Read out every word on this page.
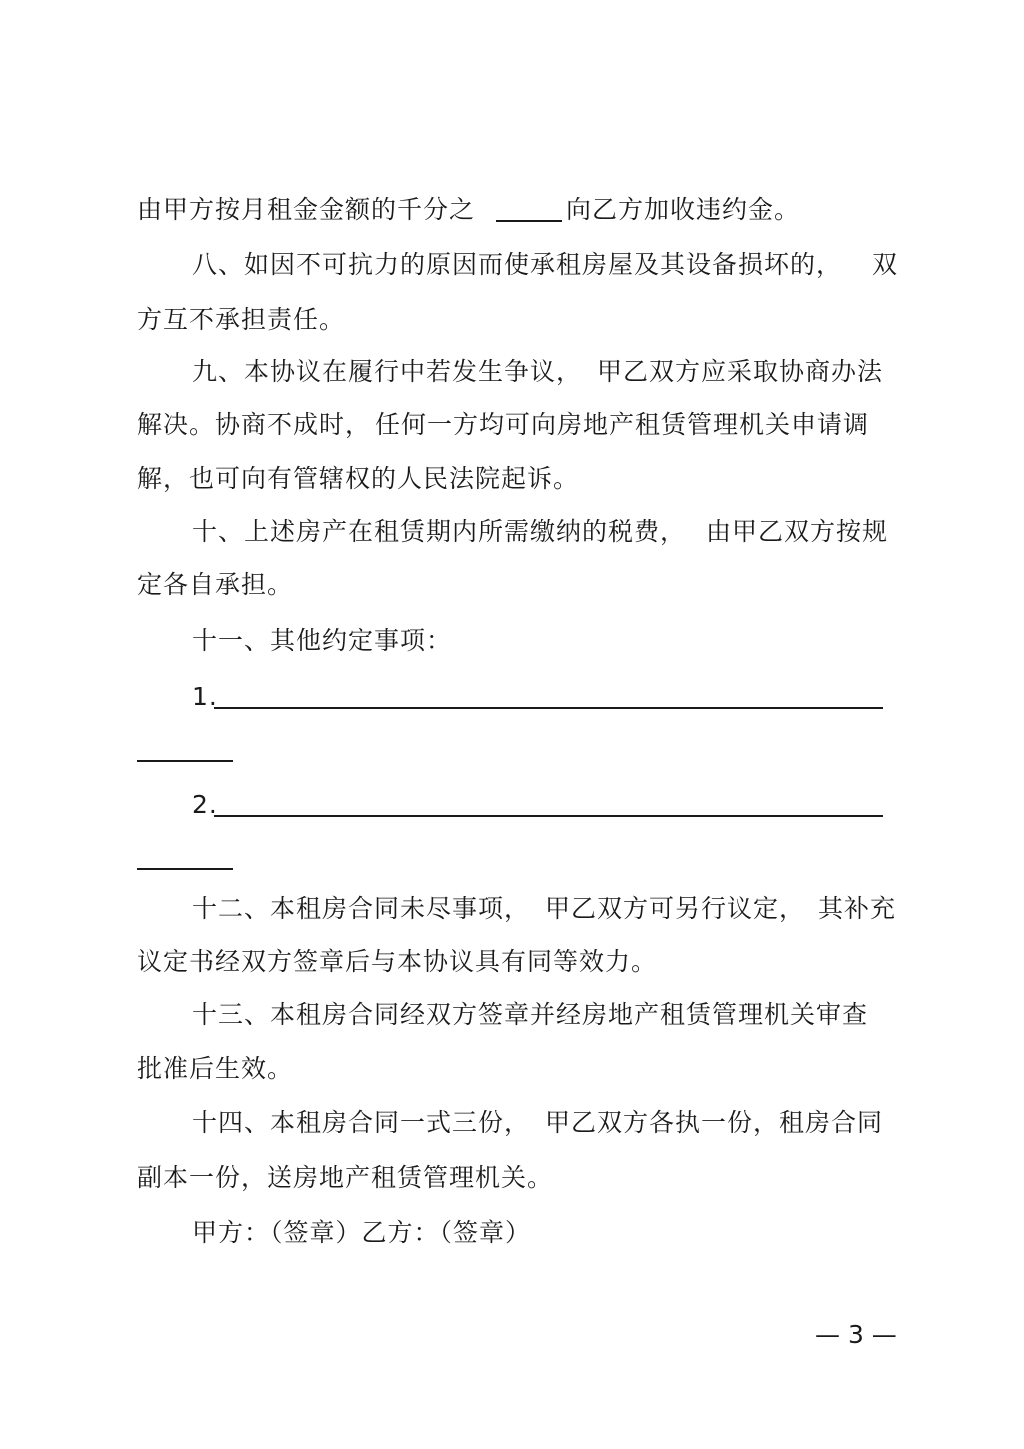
由甲方按月租金金额的千分之	向乙方加收违约金。
八、如因不可抗力的原因而使承租房屋及其设备损坏的， 双
方互不承担责任。
九、本协议在履行中若发生争议， 甲乙双方应采取协商办法
解决。协商不成时， 任何一方均可向房地产租赁管理机关申请调
解，也可向有管辖权的人民法院起诉。
十、上述房产在租赁期内所需缴纳的税费， 由甲乙双方按规
定各自承担。
十一、其他约定事项：
1.
2.
十二、本租房合同未尽事项， 甲乙双方可另行议定， 其补充
议定书经双方签章后与本协议具有同等效力。
十三、本租房合同经双方签章并经房地产租赁管理机关审查
批准后生效。
十四、本租房合同一式三份， 甲乙双方各执一份，租房合同
副本一份，送房地产租赁管理机关。
甲方：（签章）乙方：（签章）
— 3 —
